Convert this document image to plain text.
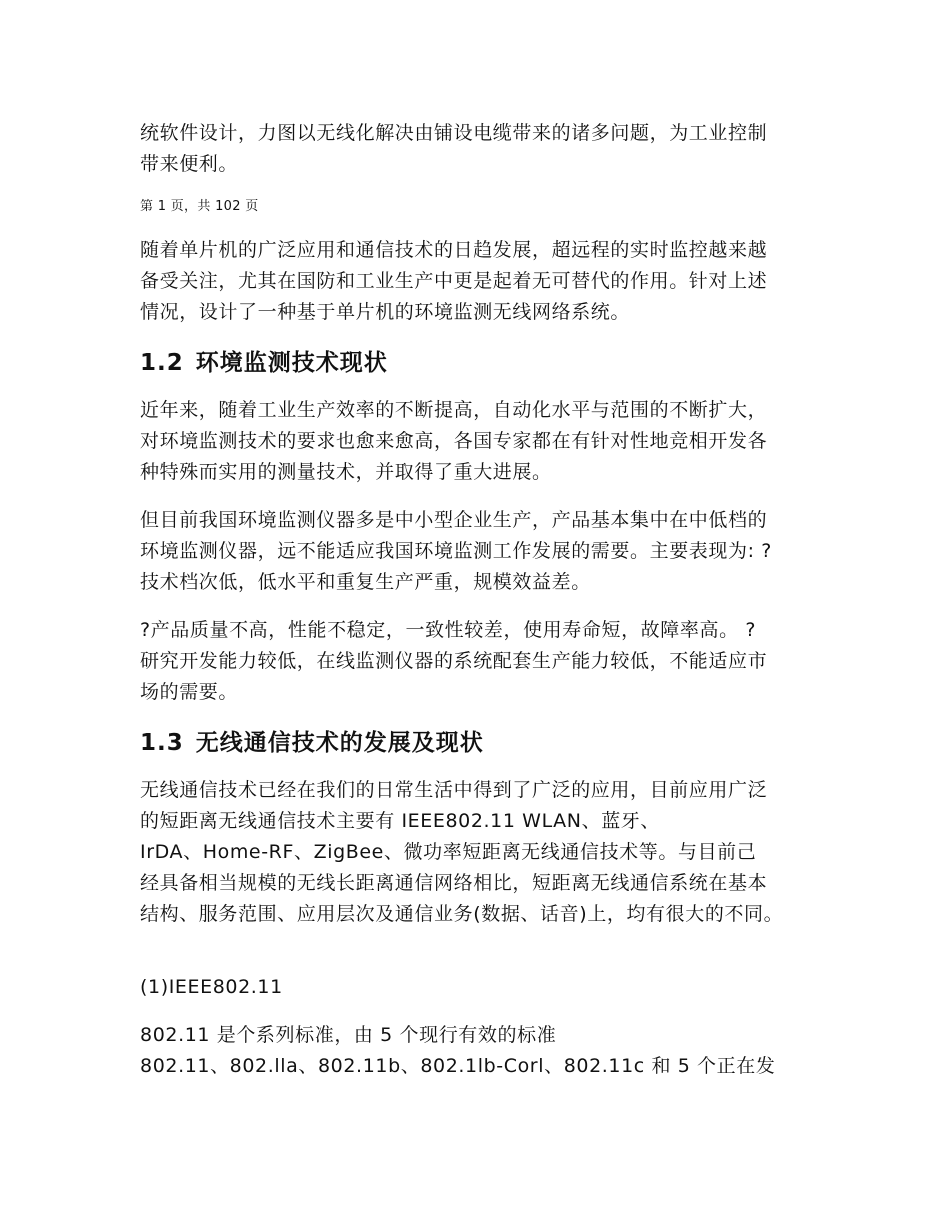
统软件设计，力图以无线化解决由铺设电缆带来的诸多问题，为工业控制
带来便利。

第 1 页，共 102 页

随着单片机的广泛应用和通信技术的日趋发展，超远程的实时监控越来越
备受关注，尤其在国防和工业生产中更是起着无可替代的作用。针对上述
情况，设计了一种基于单片机的环境监测无线网络系统。

1.2 环境监测技术现状

近年来，随着工业生产效率的不断提高，自动化水平与范围的不断扩大，
对环境监测技术的要求也愈来愈高，各国专家都在有针对性地竞相开发各
种特殊而实用的测量技术，并取得了重大进展。

但目前我国环境监测仪器多是中小型企业生产，产品基本集中在中低档的
环境监测仪器，远不能适应我国环境监测工作发展的需要。主要表现为: ?
技术档次低，低水平和重复生产严重，规模效益差。

?产品质量不高，性能不稳定，一致性较差，使用寿命短，故障率高。 ?
研究开发能力较低，在线监测仪器的系统配套生产能力较低，不能适应市
场的需要。

1.3 无线通信技术的发展及现状

无线通信技术已经在我们的日常生活中得到了广泛的应用，目前应用广泛
的短距离无线通信技术主要有 IEEE802.11 WLAN、蓝牙、
IrDA、Home-RF、ZigBee、微功率短距离无线通信技术等。与目前己
经具备相当规模的无线长距离通信网络相比，短距离无线通信系统在基本
结构、服务范围、应用层次及通信业务(数据、话音)上，均有很大的不同。

(1)IEEE802.11

802.11 是个系列标准，由 5 个现行有效的标准
802.11、802.lla、802.11b、802.1lb-Corl、802.11c 和 5 个正在发
